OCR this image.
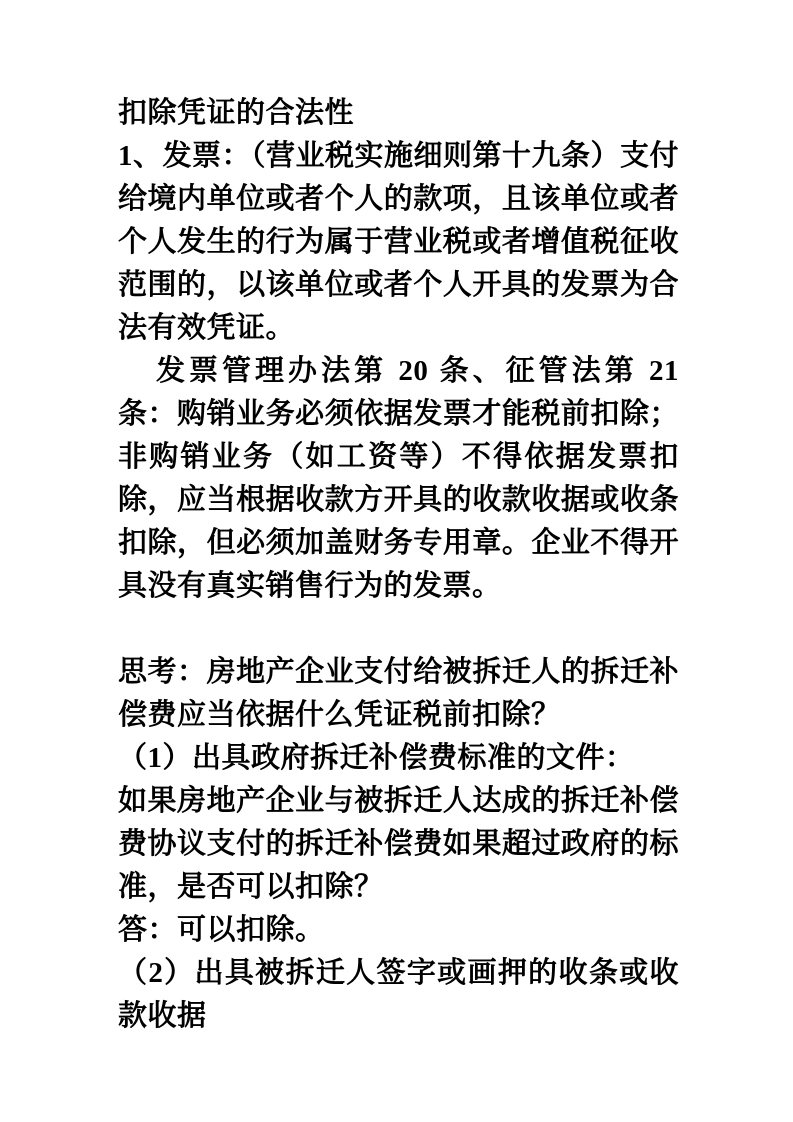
扣除凭证的合法性

1、发票：（营业税实施细则第十九条）支付给境内单位或者个人的款项，且该单位或者个人发生的行为属于营业税或者增值税征收范围的，以该单位或者个人开具的发票为合法有效凭证。

发票管理办法第 20 条、征管法第 21 条：购销业务必须依据发票才能税前扣除；非购销业务（如工资等）不得依据发票扣除，应当根据收款方开具的收款收据或收条扣除，但必须加盖财务专用章。企业不得开具没有真实销售行为的发票。

思考：房地产企业支付给被拆迁人的拆迁补偿费应当依据什么凭证税前扣除？

（1）出具政府拆迁补偿费标准的文件：

如果房地产企业与被拆迁人达成的拆迁补偿费协议支付的拆迁补偿费如果超过政府的标准，是否可以扣除？

答：可以扣除。

（2）出具被拆迁人签字或画押的收条或收款收据
